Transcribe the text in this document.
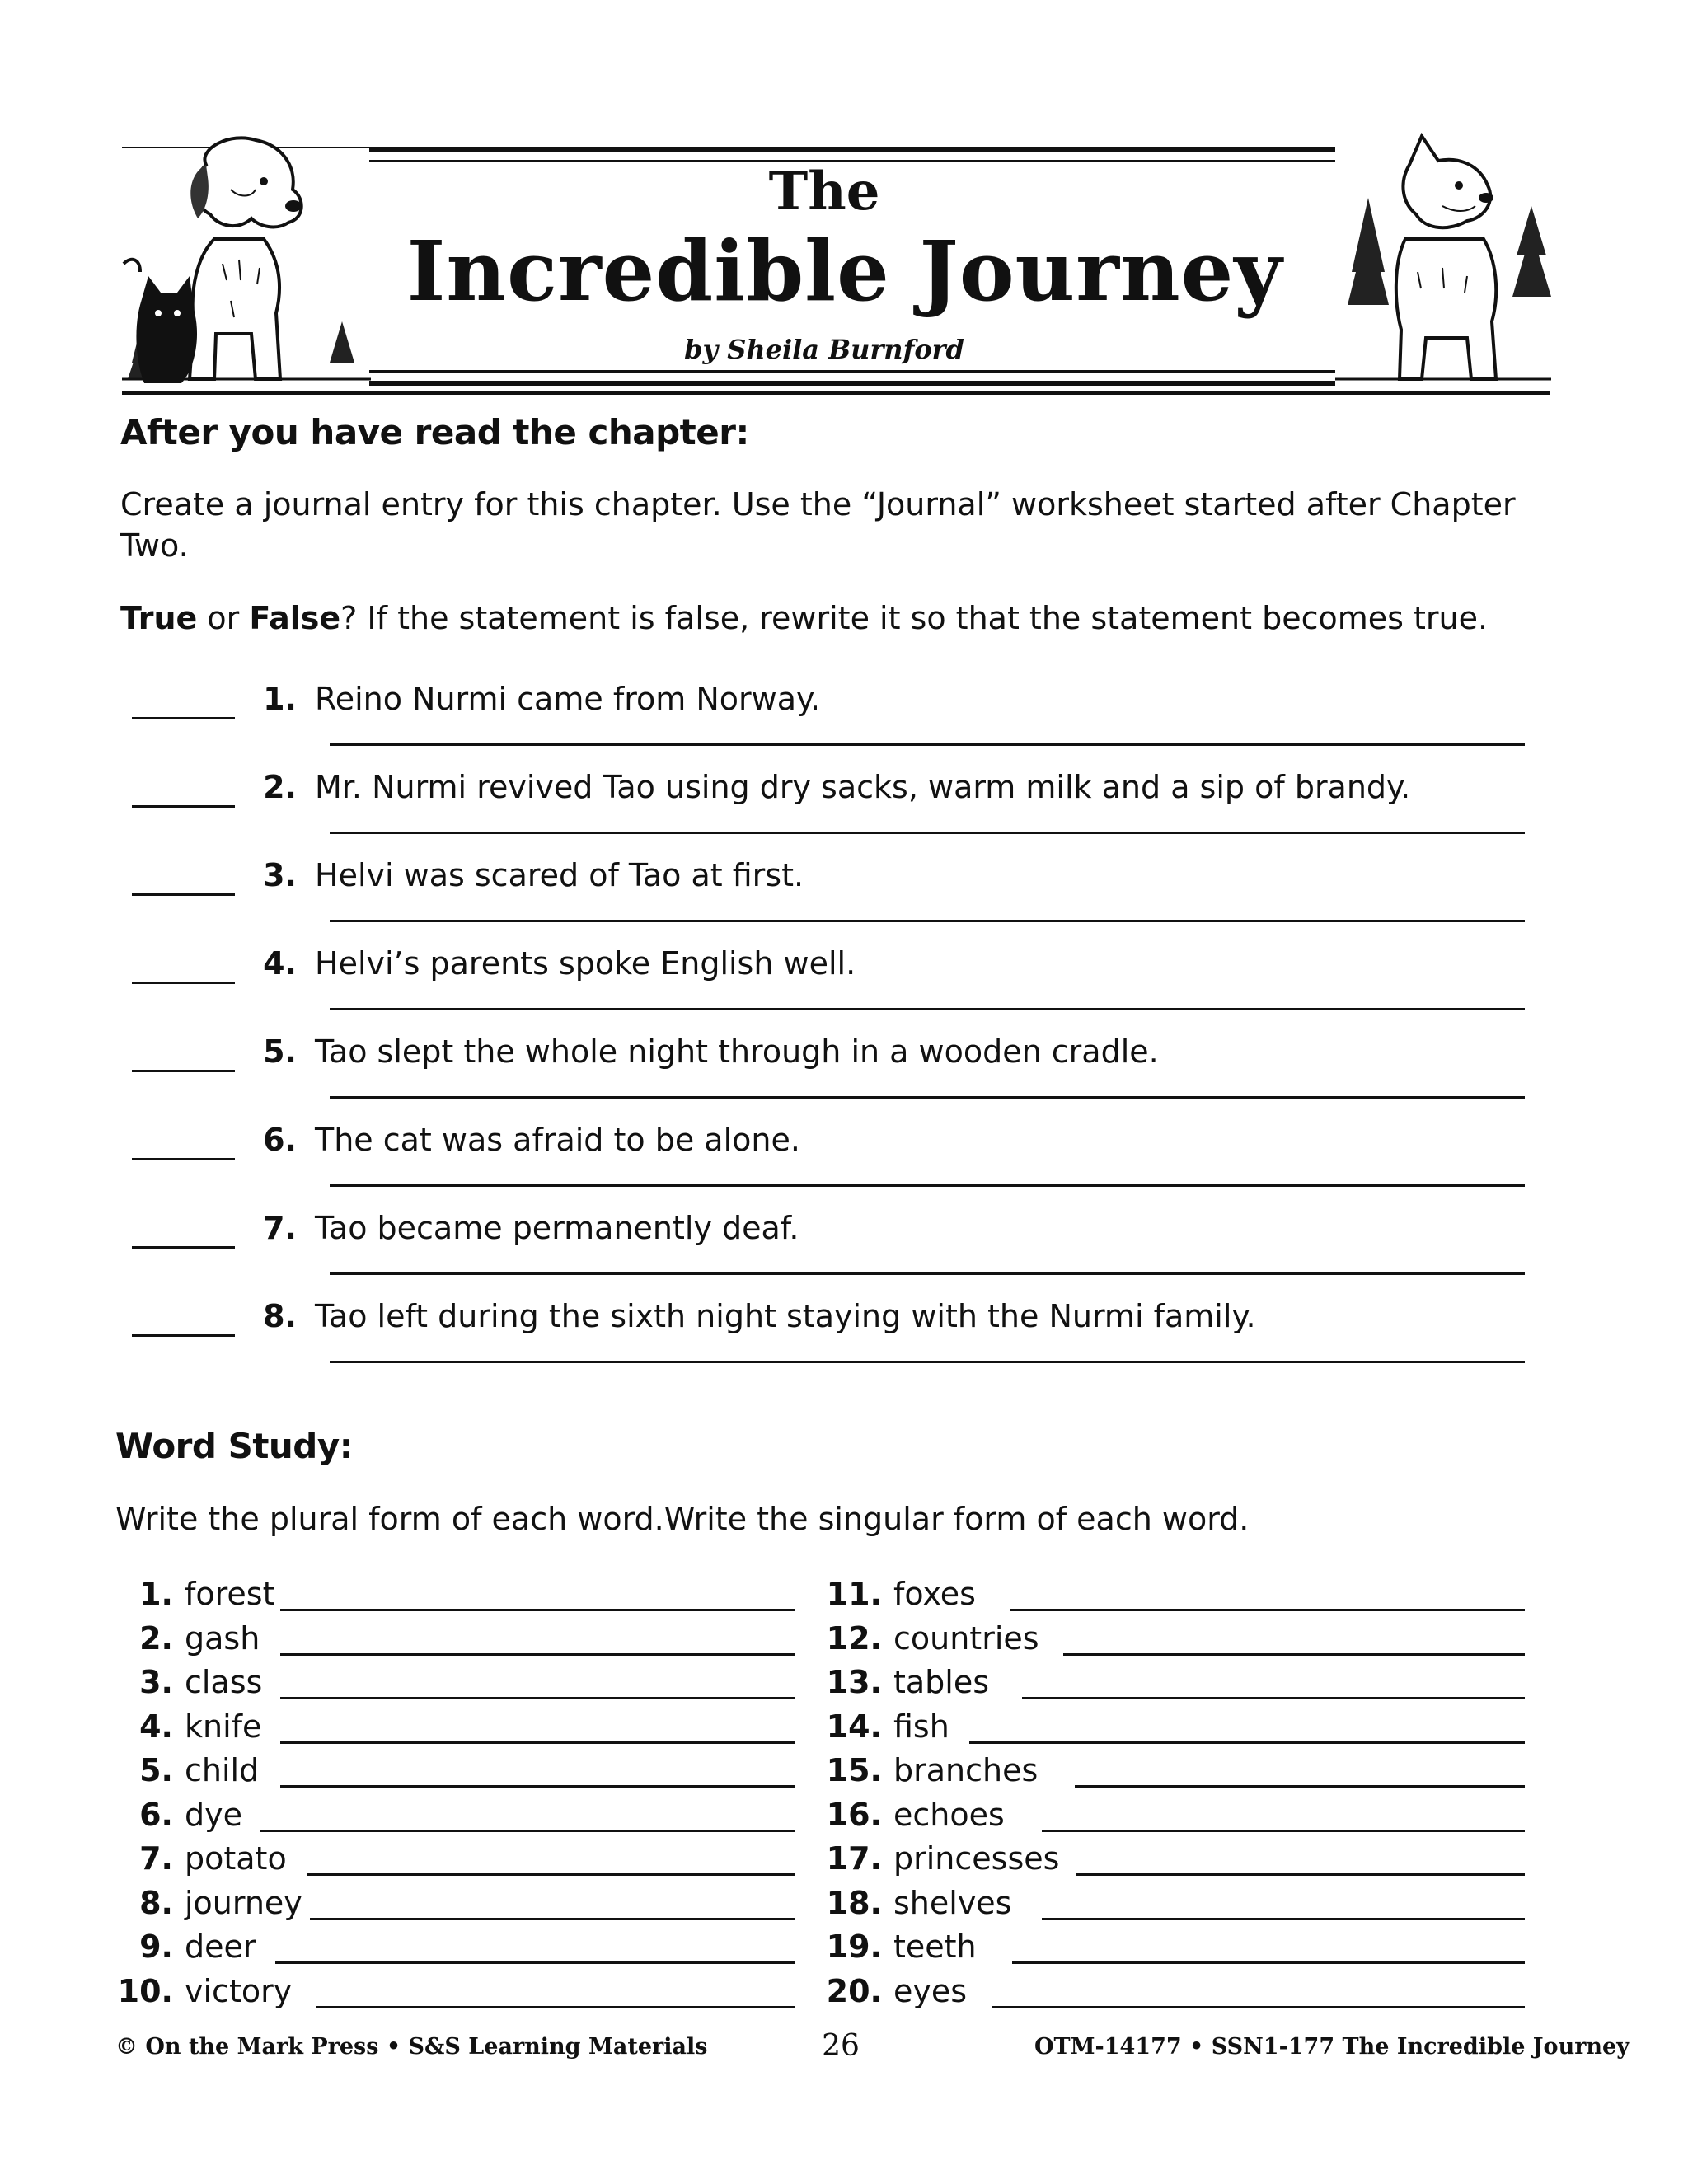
The
Incredible Journey
by Sheila Burnford
After you have read the chapter:
Create a journal entry for this chapter. Use the “Journal” worksheet started after Chapter Two.
True or False? If the statement is false, rewrite it so that the statement becomes true.
1. Reino Nurmi came from Norway.
2. Mr. Nurmi revived Tao using dry sacks, warm milk and a sip of brandy.
3. Helvi was scared of Tao at first.
4. Helvi’s parents spoke English well.
5. Tao slept the whole night through in a wooden cradle.
6. The cat was afraid to be alone.
7. Tao became permanently deaf.
8. Tao left during the sixth night staying with the Nurmi family.
Word Study:
Write the plural form of each word.Write the singular form of each word.
1. forest
2. gash
3. class
4. knife
5. child
6. dye
7. potato
8. journey
9. deer
10. victory
11. foxes
12. countries
13. tables
14. fish
15. branches
16. echoes
17. princesses
18. shelves
19. teeth
20. eyes
© On the Mark Press • S&S Learning Materials	26	OTM-14177 • SSN1-177 The Incredible Journey
